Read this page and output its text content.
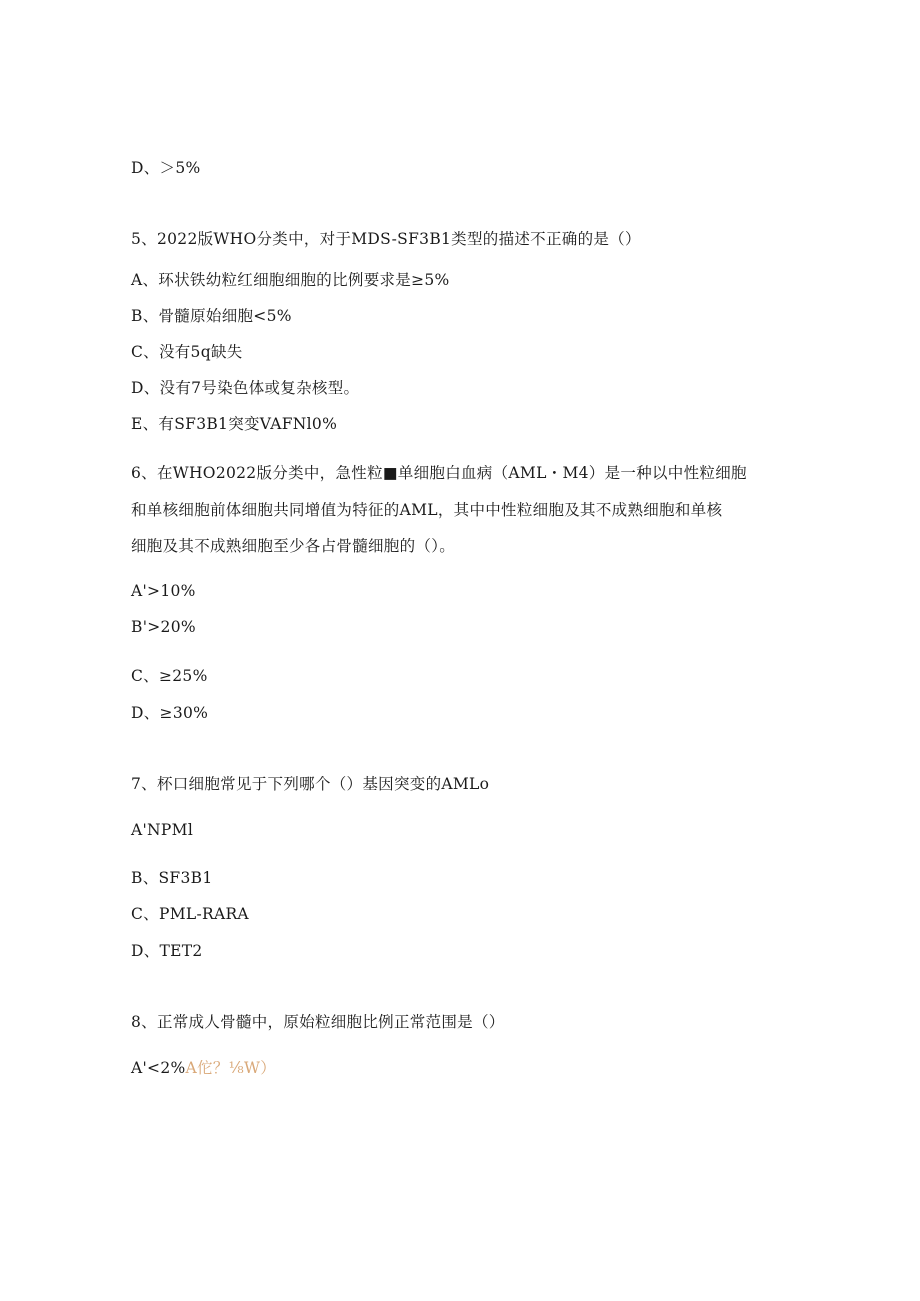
D、＞5%
5、2022版WHO分类中，对于MDS-SF3B1类型的描述不正确的是（）
A、环状铁幼粒红细胞细胞的比例要求是≥5%
B、骨髓原始细胞<5%
C、没有5q缺失
D、没有7号染色体或复杂核型。
E、有SF3B1突变VAFNl0%
6、在WHO2022版分类中，急性粒■单细胞白血病（AML・M4）是一种以中性粒细胞
和单核细胞前体细胞共同增值为特征的AML，其中中性粒细胞及其不成熟细胞和单核
细胞及其不成熟细胞至少各占骨髓细胞的（）。
A'>10%
B'>20%
C、≥25%
D、≥30%
7、杯口细胞常见于下列哪个（）基因突变的AMLo
A'NPMl
B、SF3B1
C、PML-RARA
D、TET2
8、正常成人骨髓中，原始粒细胞比例正常范围是（）
A'<2%A佗？⅛W）
